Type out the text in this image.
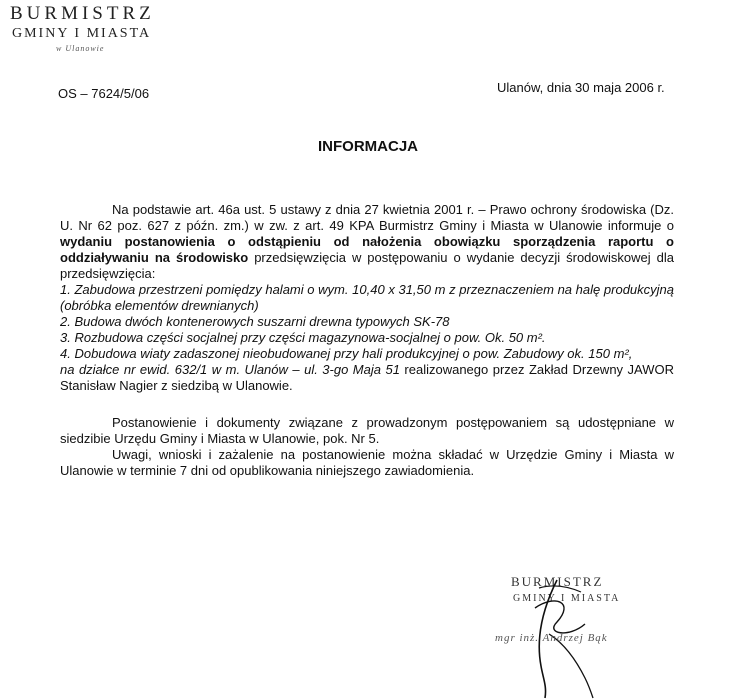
BURMISTRZ
GMINY I MIASTA
w Ulanowie
OS – 7624/5/06	Ulanów, dnia 30 maja 2006 r.
INFORMACJA

Na podstawie art. 46a ust. 5 ustawy z dnia 27 kwietnia 2001 r. – Prawo ochrony środowiska (Dz. U. Nr 62 poz. 627 z późn. zm.) w zw. z art. 49 KPA Burmistrz Gminy i Miasta w Ulanowie informuje o wydaniu postanowienia o odstąpieniu od nałożenia obowiązku sporządzenia raportu o oddziaływaniu na środowisko przedsięwzięcia w postępowaniu o wydanie decyzji środowiskowej dla przedsięwzięcia:

1. Zabudowa przestrzeni pomiędzy halami o wym. 10,40 x 31,50 m z przeznaczeniem na halę produkcyjną (obróbka elementów drewnianych)

2. Budowa dwóch kontenerowych suszarni drewna typowych SK-78

3. Rozbudowa części socjalnej przy części magazynowa-socjalnej o pow. Ok. 50 m².

4. Dobudowa wiaty zadaszonej nieobudowanej przy hali produkcyjnej o pow. Zabudowy ok. 150 m²,

na działce nr ewid. 632/1 w m. Ulanów – ul. 3-go Maja 51 realizowanego przez Zakład Drzewny JAWOR Stanisław Nagier z siedzibą w Ulanowie.

Postanowienie i dokumenty związane z prowadzonym postępowaniem są udostępniane w siedzibie Urzędu Gminy i Miasta w Ulanowie, pok. Nr 5.

Uwagi, wnioski i zażalenie na postanowienie można składać w Urzędzie Gminy i Miasta w Ulanowie w terminie 7 dni od opublikowania niniejszego zawiadomienia.

BURMISTRZ
GMINY I MIASTA
mgr inż. Andrzej Bąk
